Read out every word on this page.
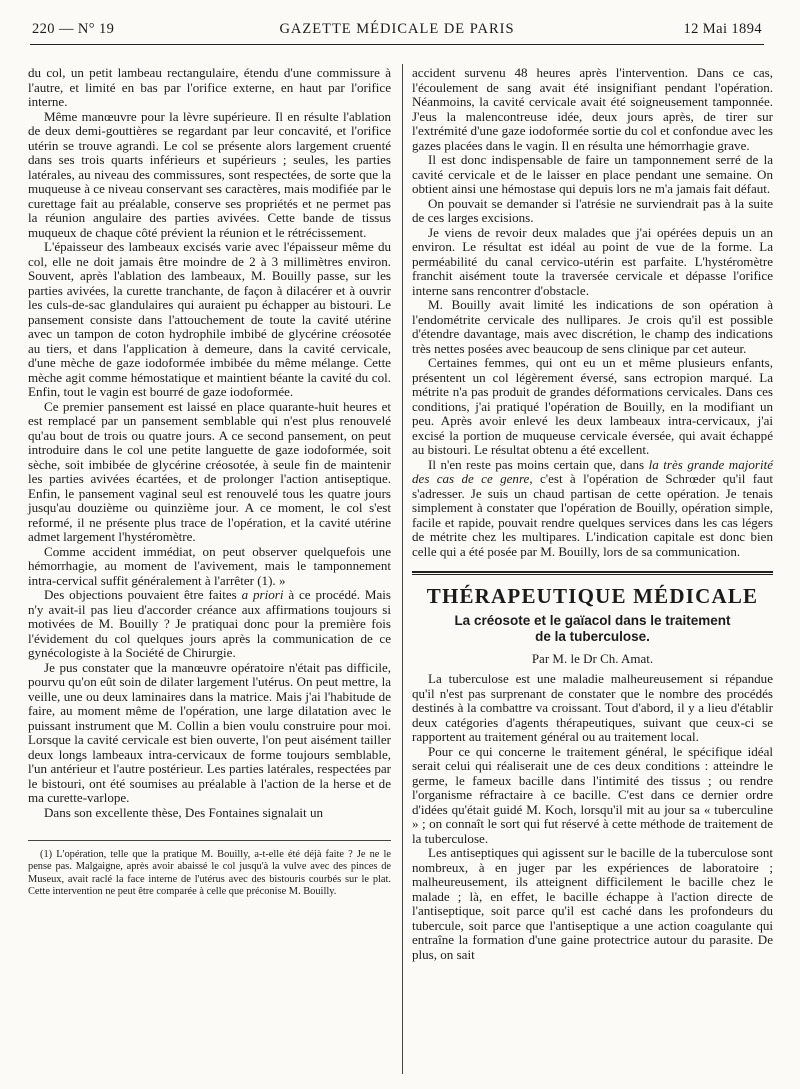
220 — N° 19	GAZETTE MÉDICALE DE PARIS	12 Mai 1894

du col, un petit lambeau rectangulaire, étendu d'une commissure à l'autre, et limité en bas par l'orifice externe, en haut par l'orifice interne.

Même manœuvre pour la lèvre supérieure. Il en résulte l'ablation de deux demi-gouttières se regardant par leur concavité, et l'orifice utérin se trouve agrandi. Le col se présente alors largement cruenté dans ses trois quarts inférieurs et supérieurs ; seules, les parties latérales, au niveau des commissures, sont respectées, de sorte que la muqueuse à ce niveau conservant ses caractères, mais modifiée par le curettage fait au préalable, conserve ses propriétés et ne permet pas la réunion angulaire des parties avivées. Cette bande de tissus muqueux de chaque côté prévient la réunion et le rétrécissement.

L'épaisseur des lambeaux excisés varie avec l'épaisseur même du col, elle ne doit jamais être moindre de 2 à 3 millimètres environ. Souvent, après l'ablation des lambeaux, M. Bouilly passe, sur les parties avivées, la curette tranchante, de façon à dilacérer et à ouvrir les culs-de-sac glandulaires qui auraient pu échapper au bistouri. Le pansement consiste dans l'attouchement de toute la cavité utérine avec un tampon de coton hydrophile imbibé de glycérine créosotée au tiers, et dans l'application à demeure, dans la cavité cervicale, d'une mèche de gaze iodoformée imbibée du même mélange. Cette mèche agit comme hémostatique et maintient béante la cavité du col. Enfin, tout le vagin est bourré de gaze iodoformée.

Ce premier pansement est laissé en place quarante-huit heures et est remplacé par un pansement semblable qui n'est plus renouvelé qu'au bout de trois ou quatre jours. A ce second pansement, on peut introduire dans le col une petite languette de gaze iodoformée, soit sèche, soit imbibée de glycérine créosotée, à seule fin de maintenir les parties avivées écartées, et de prolonger l'action antiseptique. Enfin, le pansement vaginal seul est renouvelé tous les quatre jours jusqu'au douzième ou quinzième jour. A ce moment, le col s'est reformé, il ne présente plus trace de l'opération, et la cavité utérine admet largement l'hystéromètre.

Comme accident immédiat, on peut observer quelquefois une hémorrhagie, au moment de l'avivement, mais le tamponnement intra-cervical suffit généralement à l'arrêter (1). »

Des objections pouvaient être faites a priori à ce procédé. Mais n'y avait-il pas lieu d'accorder créance aux affirmations toujours si motivées de M. Bouilly ? Je pratiquai donc pour la première fois l'évidement du col quelques jours après la communication de ce gynécologiste à la Société de Chirurgie.

Je pus constater que la manœuvre opératoire n'était pas difficile, pourvu qu'on eût soin de dilater largement l'utérus. On peut mettre, la veille, une ou deux laminaires dans la matrice. Mais j'ai l'habitude de faire, au moment même de l'opération, une large dilatation avec le puissant instrument que M. Collin a bien voulu construire pour moi. Lorsque la cavité cervicale est bien ouverte, l'on peut aisément tailler deux longs lambeaux intra-cervicaux de forme toujours semblable, l'un antérieur et l'autre postérieur. Les parties latérales, respectées par le bistouri, ont été soumises au préalable à l'action de la herse et de ma curette-varlope.

Dans son excellente thèse, Des Fontaines signalait un

(1) L'opération, telle que la pratique M. Bouilly, a-t-elle été déjà faite ? Je ne le pense pas. Malgaigne, après avoir abaissé le col jusqu'à la vulve avec des pinces de Museux, avait raclé la face interne de l'utérus avec des bistouris courbés sur le plat. Cette intervention ne peut être comparée à celle que préconise M. Bouilly.

accident survenu 48 heures après l'intervention. Dans ce cas, l'écoulement de sang avait été insignifiant pendant l'opération. Néanmoins, la cavité cervicale avait été soigneusement tamponnée. J'eus la malencontreuse idée, deux jours après, de tirer sur l'extrémité d'une gaze iodoformée sortie du col et confondue avec les gazes placées dans le vagin. Il en résulta une hémorrhagie grave.

Il est donc indispensable de faire un tamponnement serré de la cavité cervicale et de le laisser en place pendant une semaine. On obtient ainsi une hémostase qui depuis lors ne m'a jamais fait défaut.

On pouvait se demander si l'atrésie ne surviendrait pas à la suite de ces larges excisions.

Je viens de revoir deux malades que j'ai opérées depuis un an environ. Le résultat est idéal au point de vue de la forme. La perméabilité du canal cervico-utérin est parfaite. L'hystéromètre franchit aisément toute la traversée cervicale et dépasse l'orifice interne sans rencontrer d'obstacle.

M. Bouilly avait limité les indications de son opération à l'endométrite cervicale des nullipares. Je crois qu'il est possible d'étendre davantage, mais avec discrétion, le champ des indications très nettes posées avec beaucoup de sens clinique par cet auteur.

Certaines femmes, qui ont eu un et même plusieurs enfants, présentent un col légèrement éversé, sans ectropion marqué. La métrite n'a pas produit de grandes déformations cervicales. Dans ces conditions, j'ai pratiqué l'opération de Bouilly, en la modifiant un peu. Après avoir enlevé les deux lambeaux intra-cervicaux, j'ai excisé la portion de muqueuse cervicale éversée, qui avait échappé au bistouri. Le résultat obtenu a été excellent.

Il n'en reste pas moins certain que, dans la très grande majorité des cas de ce genre, c'est à l'opération de Schrœder qu'il faut s'adresser. Je suis un chaud partisan de cette opération. Je tenais simplement à constater que l'opération de Bouilly, opération simple, facile et rapide, pouvait rendre quelques services dans les cas légers de métrite chez les multipares. L'indication capitale est donc bien celle qui a été posée par M. Bouilly, lors de sa communication.

THÉRAPEUTIQUE MÉDICALE
La créosote et le gaïacol dans le traitement
de la tuberculose.
Par M. le Dr Ch. Amat.

La tuberculose est une maladie malheureusement si répandue qu'il n'est pas surprenant de constater que le nombre des procédés destinés à la combattre va croissant. Tout d'abord, il y a lieu d'établir deux catégories d'agents thérapeutiques, suivant que ceux-ci se rapportent au traitement général ou au traitement local.

Pour ce qui concerne le traitement général, le spécifique idéal serait celui qui réaliserait une de ces deux conditions : atteindre le germe, le fameux bacille dans l'intimité des tissus ; ou rendre l'organisme réfractaire à ce bacille. C'est dans ce dernier ordre d'idées qu'était guidé M. Koch, lorsqu'il mit au jour sa « tuberculine » ; on connaît le sort qui fut réservé à cette méthode de traitement de la tuberculose.

Les antiseptiques qui agissent sur le bacille de la tuberculose sont nombreux, à en juger par les expériences de laboratoire ; malheureusement, ils atteignent difficilement le bacille chez le malade ; là, en effet, le bacille échappe à l'action directe de l'antiseptique, soit parce qu'il est caché dans les profondeurs du tubercule, soit parce que l'antiseptique a une action coagulante qui entraîne la formation d'une gaine protectrice autour du parasite. De plus, on sait
